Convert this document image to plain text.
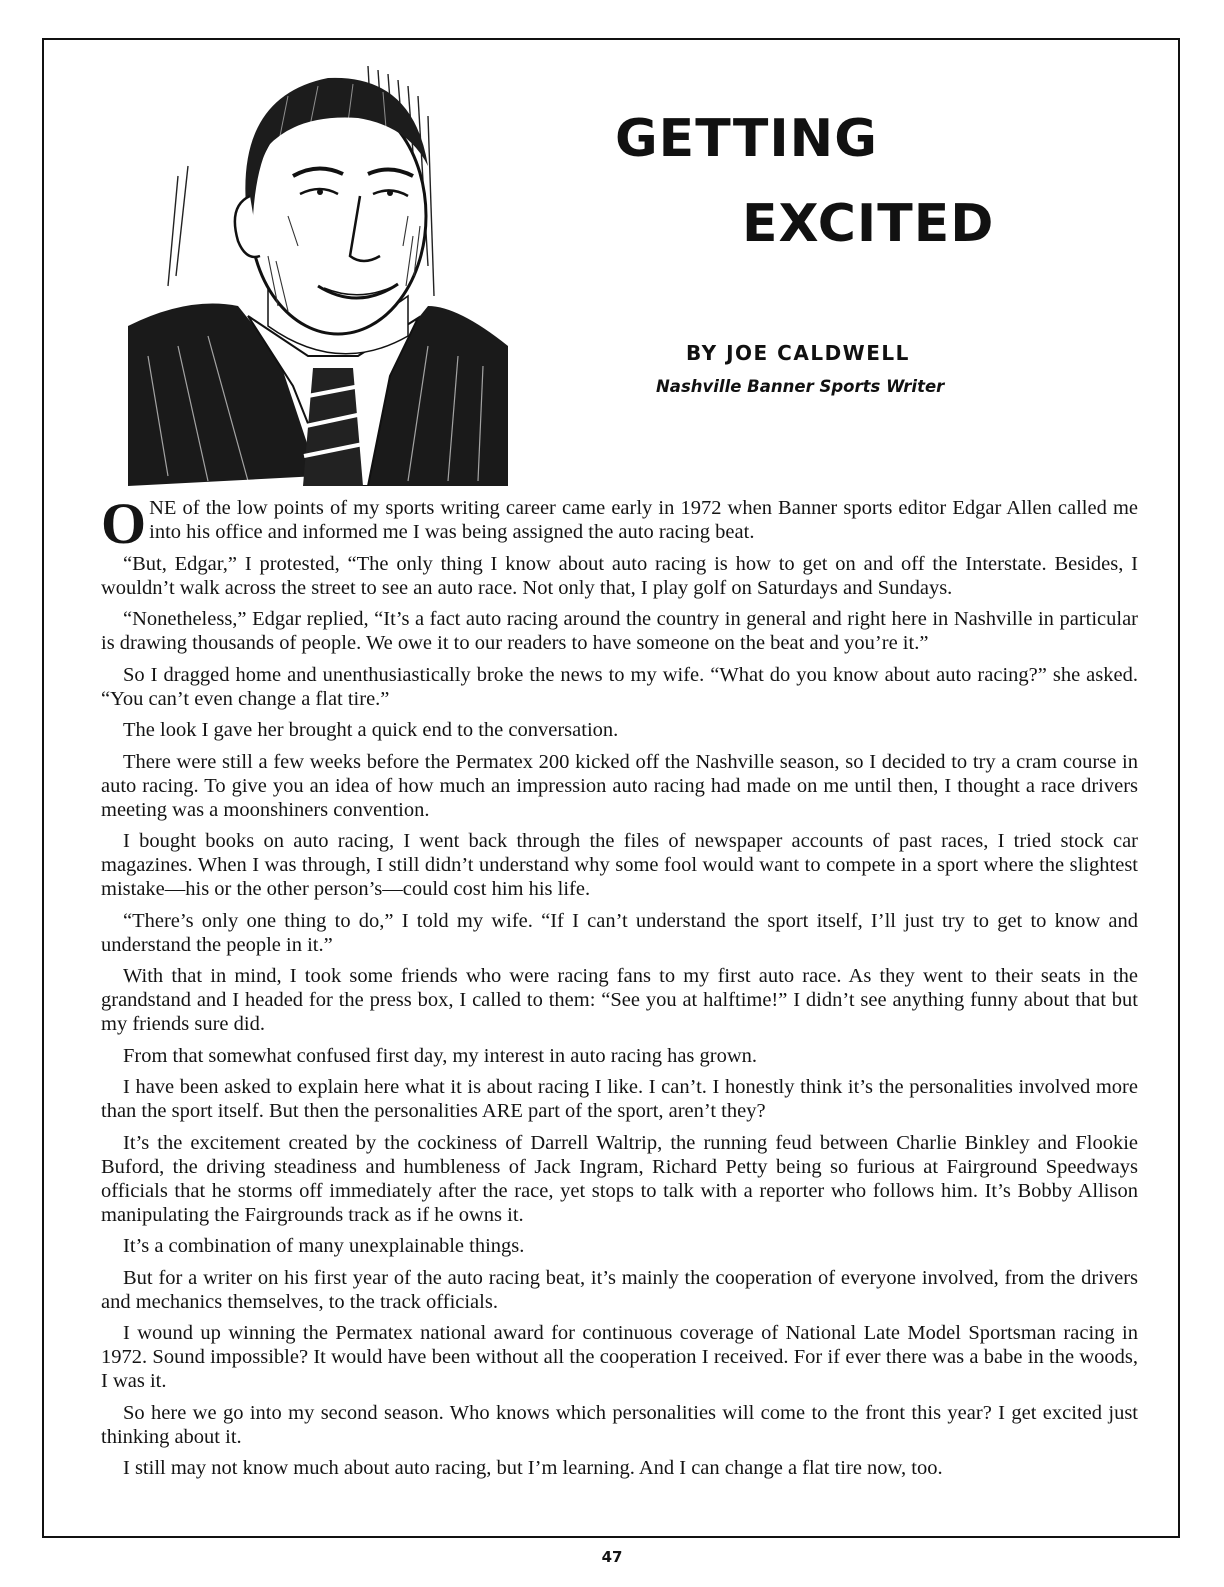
GETTING
EXCITED
BY JOE CALDWELL
Nashville Banner Sports Writer

ONE of the low points of my sports writing career came early in 1972 when Banner sports editor Edgar Allen called me into his office and informed me I was being assigned the auto racing beat.

“But, Edgar,” I protested, “The only thing I know about auto racing is how to get on and off the Interstate. Besides, I wouldn’t walk across the street to see an auto race. Not only that, I play golf on Saturdays and Sundays.

“Nonetheless,” Edgar replied, “It’s a fact auto racing around the country in general and right here in Nashville in particular is drawing thousands of people. We owe it to our readers to have someone on the beat and you’re it.”

So I dragged home and unenthusiastically broke the news to my wife. “What do you know about auto racing?” she asked. “You can’t even change a flat tire.”

The look I gave her brought a quick end to the conversation.

There were still a few weeks before the Permatex 200 kicked off the Nashville season, so I decided to try a cram course in auto racing. To give you an idea of how much an impression auto racing had made on me until then, I thought a race drivers meeting was a moonshiners convention.

I bought books on auto racing, I went back through the files of newspaper accounts of past races, I tried stock car magazines. When I was through, I still didn’t understand why some fool would want to compete in a sport where the slightest mistake—his or the other person’s—could cost him his life.

“There’s only one thing to do,” I told my wife. “If I can’t understand the sport itself, I’ll just try to get to know and understand the people in it.”

With that in mind, I took some friends who were racing fans to my first auto race. As they went to their seats in the grandstand and I headed for the press box, I called to them: “See you at halftime!” I didn’t see anything funny about that but my friends sure did.

From that somewhat confused first day, my interest in auto racing has grown.

I have been asked to explain here what it is about racing I like. I can’t. I honestly think it’s the personalities involved more than the sport itself. But then the personalities ARE part of the sport, aren’t they?

It’s the excitement created by the cockiness of Darrell Waltrip, the running feud between Charlie Binkley and Flookie Buford, the driving steadiness and humbleness of Jack Ingram, Richard Petty being so furious at Fairground Speedways officials that he storms off immediately after the race, yet stops to talk with a reporter who follows him. It’s Bobby Allison manipulating the Fairgrounds track as if he owns it.

It’s a combination of many unexplainable things.

But for a writer on his first year of the auto racing beat, it’s mainly the cooperation of everyone involved, from the drivers and mechanics themselves, to the track officials.

I wound up winning the Permatex national award for continuous coverage of National Late Model Sportsman racing in 1972. Sound impossible? It would have been without all the cooperation I received. For if ever there was a babe in the woods, I was it.

So here we go into my second season. Who knows which personalities will come to the front this year? I get excited just thinking about it.

I still may not know much about auto racing, but I’m learning. And I can change a flat tire now, too.

47
